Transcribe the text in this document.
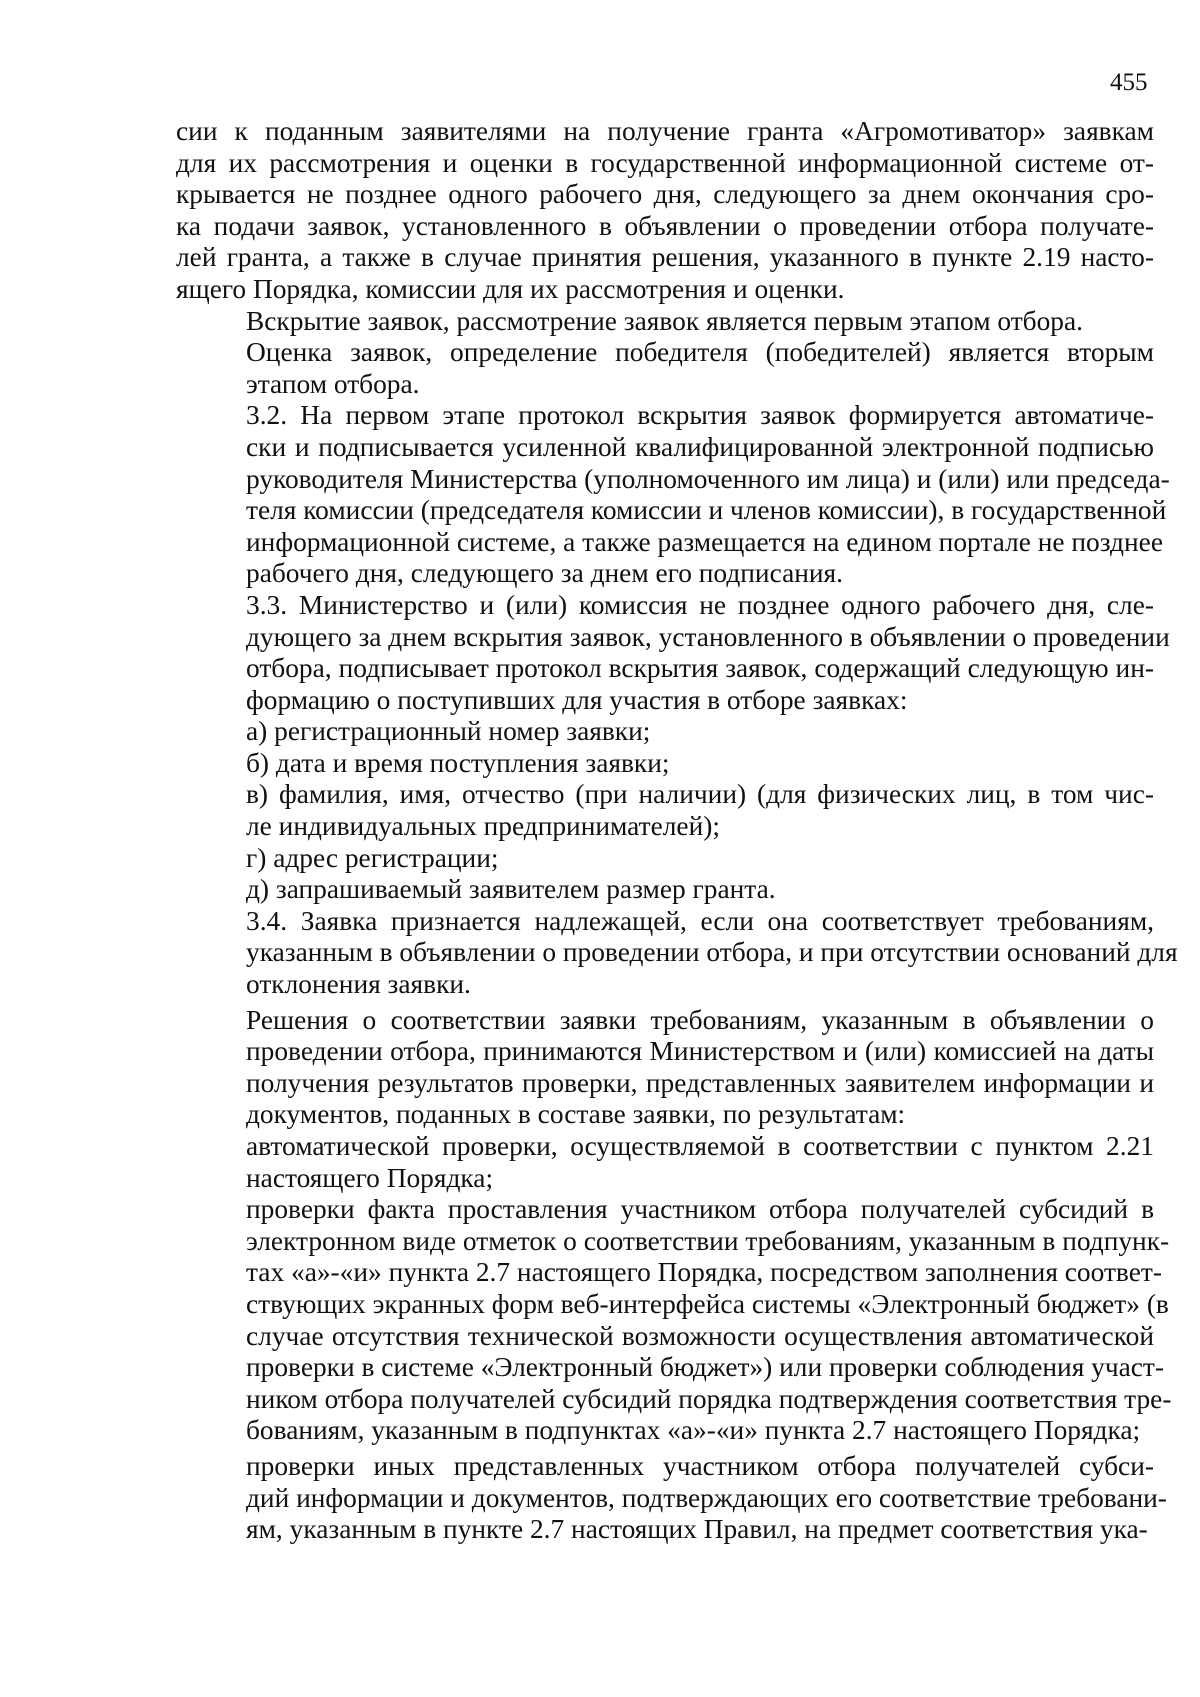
455

сии к поданным заявителями на получение гранта «Агромотиватор» заявкам
для их рассмотрения и оценки в государственной информационной системе от-
крывается не позднее одного рабочего дня, следующего за днем окончания сро-
ка подачи заявок, установленного в объявлении о проведении отбора получате-
лей гранта, а также в случае принятия решения, указанного в пункте 2.19 насто-
ящего Порядка, комиссии для их рассмотрения и оценки.

Вскрытие заявок, рассмотрение заявок является первым этапом отбора.

Оценка заявок, определение победителя (победителей) является вторым
этапом отбора.

3.2. На первом этапе протокол вскрытия заявок формируется автоматиче-
ски и подписывается усиленной квалифицированной электронной подписью
руководителя Министерства (уполномоченного им лица) и (или) или председа-
теля комиссии (председателя комиссии и членов комиссии), в государственной
информационной системе, а также размещается на едином портале не позднее
рабочего дня, следующего за днем его подписания.

3.3. Министерство и (или) комиссия не позднее одного рабочего дня, сле-
дующего за днем вскрытия заявок, установленного в объявлении о проведении
отбора, подписывает протокол вскрытия заявок, содержащий следующую ин-
формацию о поступивших для участия в отборе заявках:

а) регистрационный номер заявки;

б) дата и время поступления заявки;

в) фамилия, имя, отчество (при наличии) (для физических лиц, в том чис-
ле индивидуальных предпринимателей);

г) адрес регистрации;

д) запрашиваемый заявителем размер гранта.

3.4. Заявка признается надлежащей, если она соответствует требованиям,
указанным в объявлении о проведении отбора, и при отсутствии оснований для
отклонения заявки.

Решения о соответствии заявки требованиям, указанным в объявлении о
проведении отбора, принимаются Министерством и (или) комиссией на даты
получения результатов проверки, представленных заявителем информации и
документов, поданных в составе заявки, по результатам:

автоматической проверки, осуществляемой в соответствии с пунктом 2.21
настоящего Порядка;

проверки факта проставления участником отбора получателей субсидий в
электронном виде отметок о соответствии требованиям, указанным в подпунк-
тах «а»-«и» пункта 2.7 настоящего Порядка, посредством заполнения соответ-
ствующих экранных форм веб-интерфейса системы «Электронный бюджет» (в
случае отсутствия технической возможности осуществления автоматической
проверки в системе «Электронный бюджет») или проверки соблюдения участ-
ником отбора получателей субсидий порядка подтверждения соответствия тре-
бованиям, указанным в подпунктах «а»-«и» пункта 2.7 настоящего Порядка;

проверки иных представленных участником отбора получателей субси-
дий информации и документов, подтверждающих его соответствие требовани-
ям, указанным в пункте 2.7 настоящих Правил, на предмет соответствия ука-
